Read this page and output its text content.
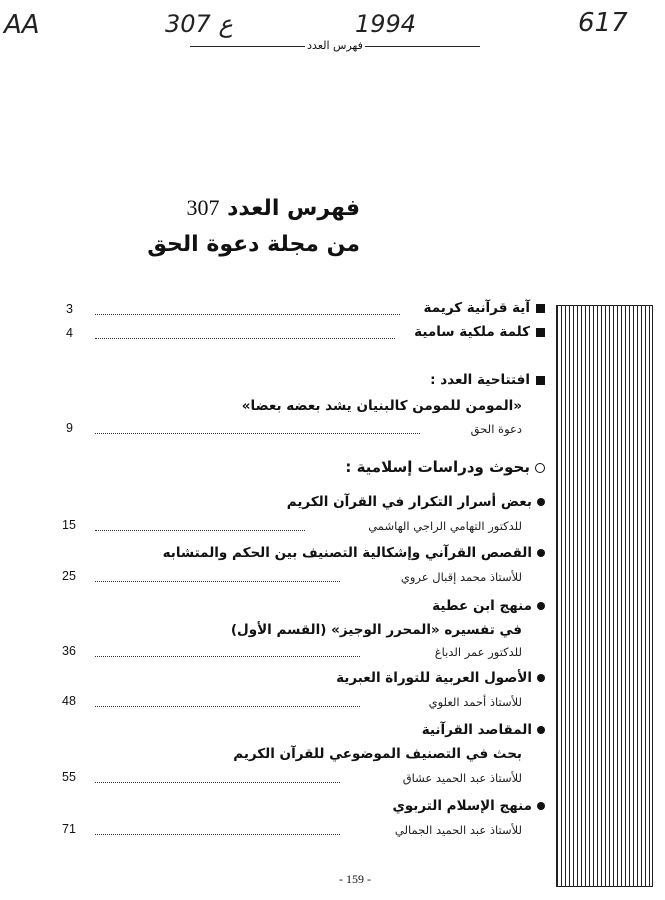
AA	307 ع	1994	617
فهرس العدد
فهرس العدد 307
من مجلة دعوة الحق
آية قرآنية كريمة
3
كلمة ملكية سامية
4
افتتاحية العدد :
«المومن للمومن كالبنيان يشد بعضه بعضا»
دعوة الحق
9
بحوث ودراسات إسلامية :
بعض أسرار التكرار في القرآن الكريم
للدكتور التهامي الراجي الهاشمي
15
القصص القرآني وإشكالية التصنيف بين الحكم والمتشابه
للأستاذ محمد إقبال عروي
25
منهج ابن عطية
في تفسيره «المحرر الوجيز» (القسم الأول)
للدكتور عمر الدباغ
36
الأصول العربية للتوراة العبرية
للأستاذ أحمد العلوي
48
المقاصد القرآنية
بحث في التصنيف الموضوعي للقرآن الكريم
للأستاذ عبد الحميد عشاق
55
منهج الإسلام التربوي
للأستاذ عبد الحميد الجمالي
71
- 159 -
